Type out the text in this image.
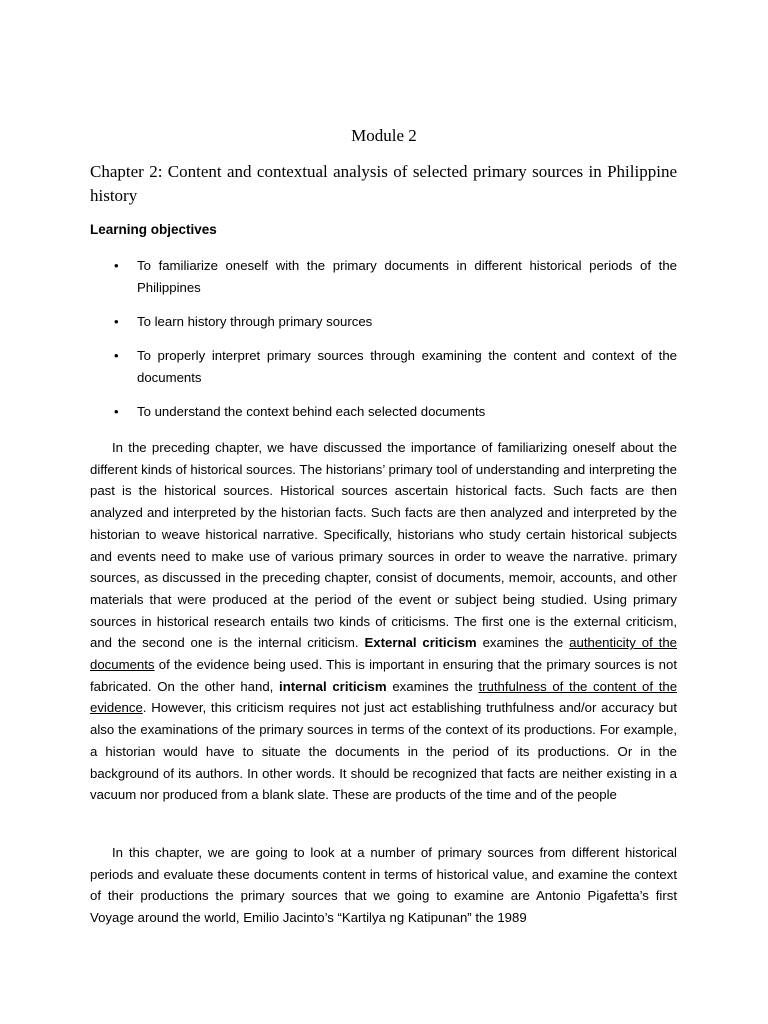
Module 2
Chapter 2: Content and contextual analysis of selected primary sources in Philippine history
Learning objectives
• To familiarize oneself with the primary documents in different historical periods of the Philippines
• To learn history through primary sources
• To properly interpret primary sources through examining the content and context of the documents
• To understand the context behind each selected documents

In the preceding chapter, we have discussed the importance of familiarizing oneself about the different kinds of historical sources. The historians’ primary tool of understanding and interpreting the past is the historical sources. Historical sources ascertain historical facts. Such facts are then analyzed and interpreted by the historian facts. Such facts are then analyzed and interpreted by the historian to weave historical narrative. Specifically, historians who study certain historical subjects and events need to make use of various primary sources in order to weave the narrative. primary sources, as discussed in the preceding chapter, consist of documents, memoir, accounts, and other materials that were produced at the period of the event or subject being studied. Using primary sources in historical research entails two kinds of criticisms. The first one is the external criticism, and the second one is the internal criticism. External criticism examines the authenticity of the documents of the evidence being used. This is important in ensuring that the primary sources is not fabricated. On the other hand, internal criticism examines the truthfulness of the content of the evidence. However, this criticism requires not just act establishing truthfulness and/or accuracy but also the examinations of the primary sources in terms of the context of its productions. For example, a historian would have to situate the documents in the period of its productions. Or in the background of its authors. In other words. It should be recognized that facts are neither existing in a vacuum nor produced from a blank slate. These are products of the time and of the people

In this chapter, we are going to look at a number of primary sources from different historical periods and evaluate these documents content in terms of historical value, and examine the context of their productions the primary sources that we going to examine are Antonio Pigafetta’s first Voyage around the world, Emilio Jacinto’s “Kartilya ng Katipunan” the 1989
